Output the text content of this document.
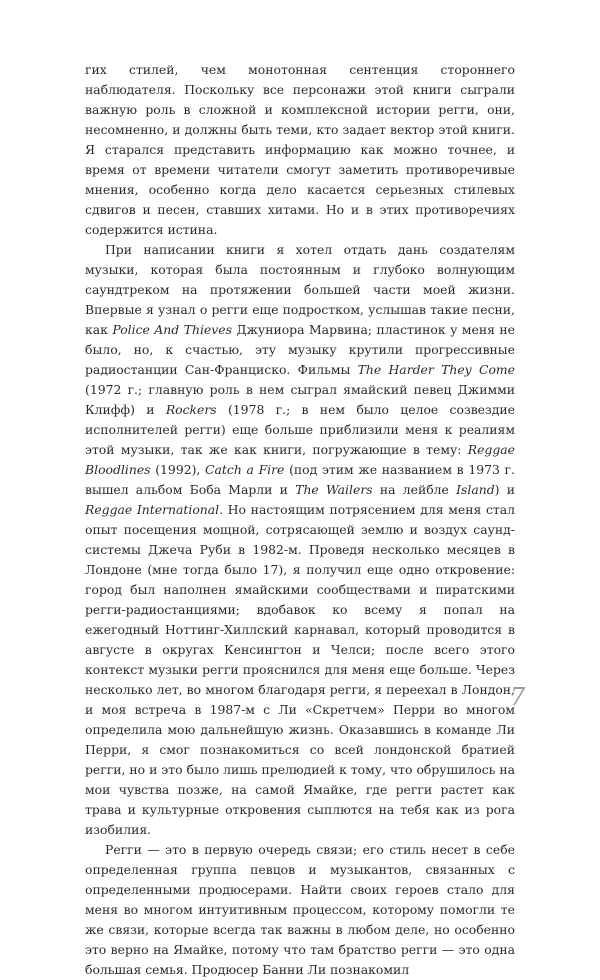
гих стилей, чем монотонная сентенция стороннего наблюдателя. Поскольку все персонажи этой книги сыграли важную роль в сложной и комплексной истории регги, они, несомненно, и должны быть теми, кто задает вектор этой книги. Я старался представить информацию как можно точнее, и время от времени читатели смогут заметить противоречивые мнения, особенно когда дело касается серьезных стилевых сдвигов и песен, ставших хитами. Но и в этих противоречиях содержится истина.

При написании книги я хотел отдать дань создателям музыки, которая была постоянным и глубоко волнующим саундтреком на протяжении большей части моей жизни. Впервые я узнал о регги еще подростком, услышав такие песни, как Police And Thieves Джуниора Марвина; пластинок у меня не было, но, к счастью, эту музыку крутили прогрессивные радиостанции Сан-Франциско. Фильмы The Harder They Come (1972 г.; главную роль в нем сыграл ямайский певец Джимми Клифф) и Rockers (1978 г.; в нем было целое созвездие исполнителей регги) еще больше приблизили меня к реалиям этой музыки, так же как книги, погружающие в тему: Reggae Bloodlines (1992), Catch a Fire (под этим же названием в 1973 г. вышел альбом Боба Марли и The Wailers на лейбле Island) и Reggae International. Но настоящим потрясением для меня стал опыт посещения мощной, сотрясающей землю и воздух саунд-системы Джеча Руби в 1982-м. Проведя несколько месяцев в Лондоне (мне тогда было 17), я получил еще одно откровение: город был наполнен ямайскими сообществами и пиратскими регги-радиостанциями; вдобавок ко всему я попал на ежегодный Ноттинг-Хиллский карнавал, который проводится в августе в округах Кенсингтон и Челси; после всего этого контекст музыки регги прояснился для меня еще больше. Через несколько лет, во многом благодаря регги, я переехал в Лондон, и моя встреча в 1987-м с Ли «Скретчем» Перри во многом определила мою дальнейшую жизнь. Оказавшись в команде Ли Перри, я смог познакомиться со всей лондонской братией регги, но и это было лишь прелюдией к тому, что обрушилось на мои чувства позже, на самой Ямайке, где регги растет как трава и культурные откровения сыплются на тебя как из рога изобилия.

Регги — это в первую очередь связи; его стиль несет в себе определенная группа певцов и музыкантов, связанных с определенными продюсерами. Найти своих героев стало для меня во многом интуитивным процессом, которому помогли те же связи, которые всегда так важны в любом деле, но особенно это верно на Ямайке, потому что там братство регги — это одна большая семья. Продюсер Банни Ли познакомил

7
